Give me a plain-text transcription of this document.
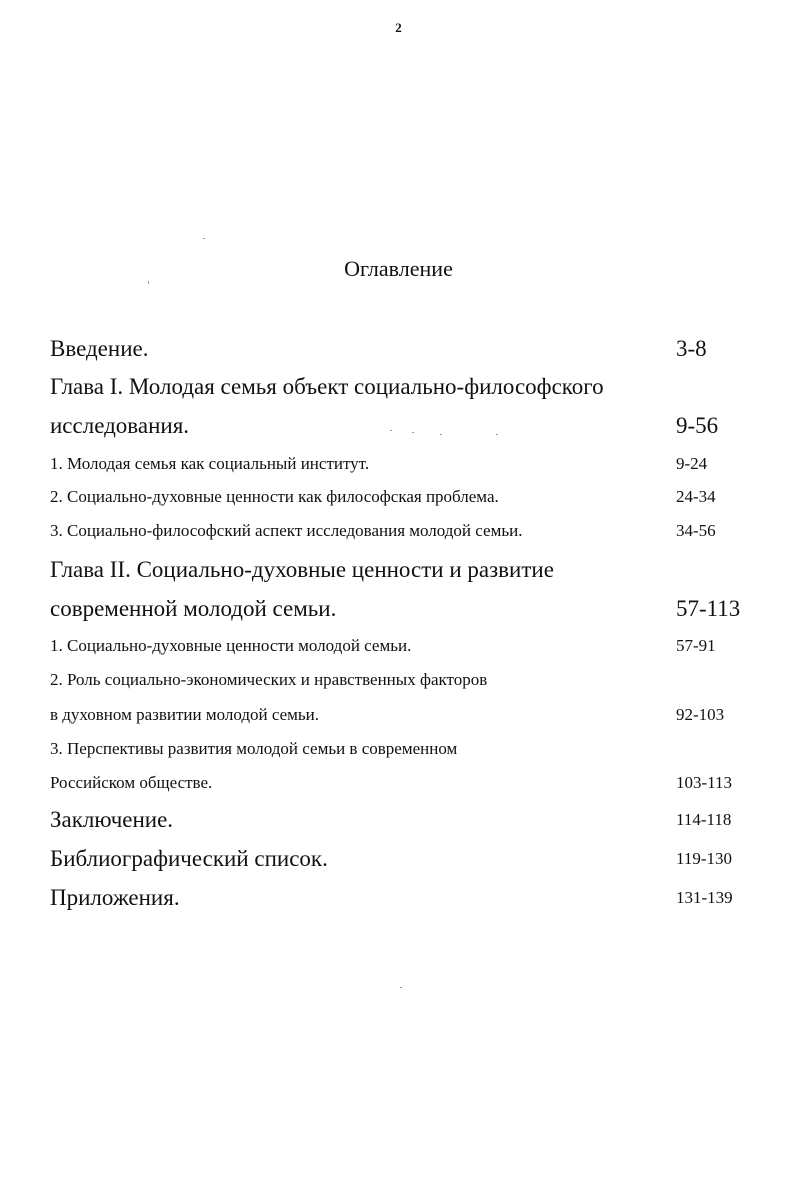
2
Оглавление
Введение.	3-8
Глава I. Молодая семья объект социально-философского
исследования.	9-56
1. Молодая семья как социальный институт.	9-24
2. Социально-духовные ценности как философская проблема.	24-34
3. Социально-философский аспект исследования молодой семьи.	34-56
Глава II. Социально-духовные ценности и развитие
современной молодой семьи.	57-113
1. Социально-духовные ценности молодой семьи.	57-91
2. Роль социально-экономических и нравственных факторов
в духовном развитии молодой семьи.	92-103
3. Перспективы развития молодой семьи в современном
Российском обществе.	103-113
Заключение.	114-118
Библиографический список.	119-130
Приложения.	131-139
